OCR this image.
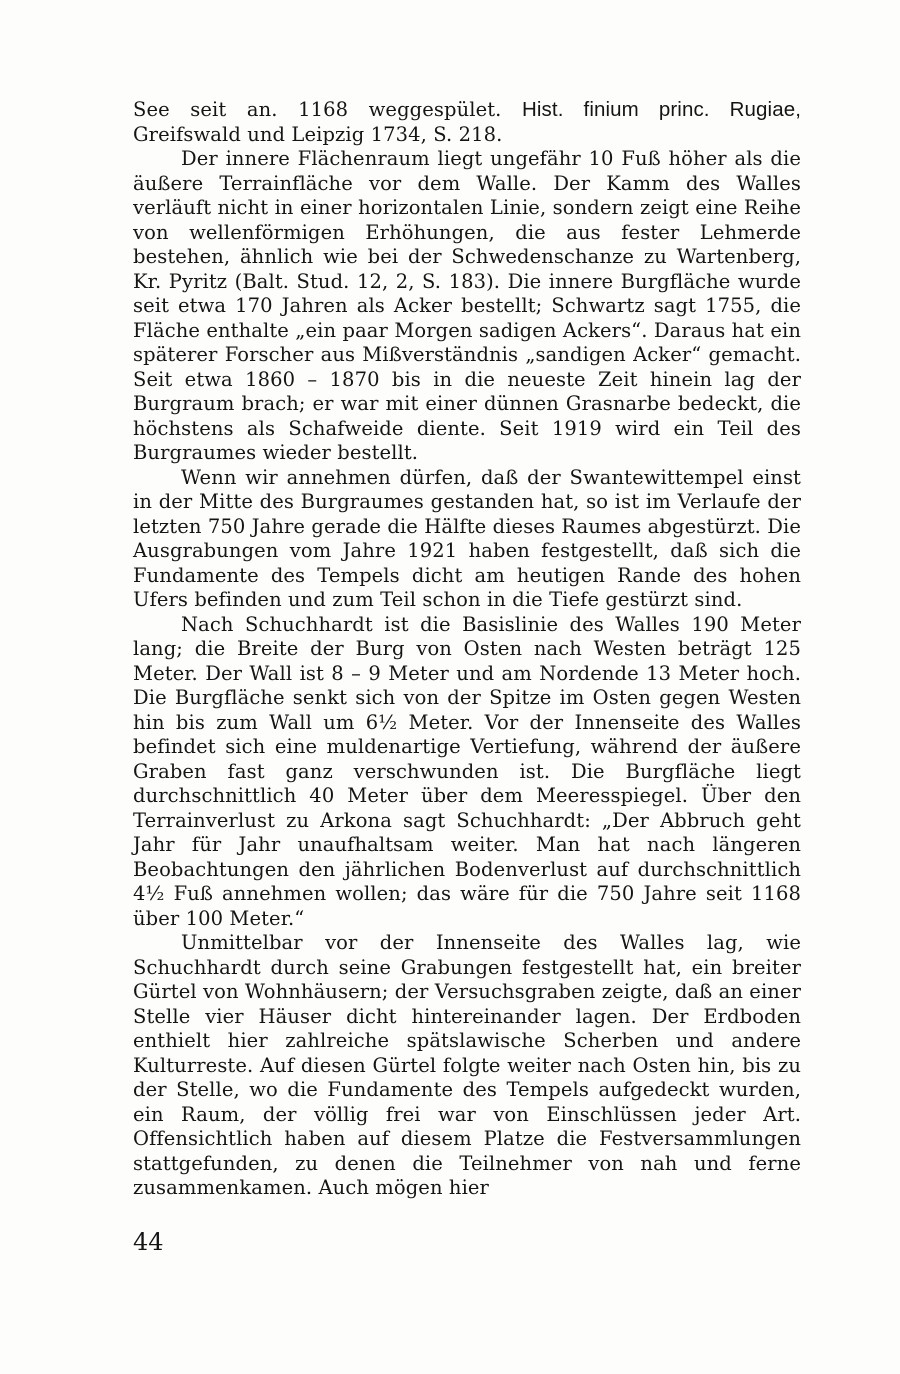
See seit an. 1168 weggespület. Hist. finium princ. Rugiae, Greifswald und Leipzig 1734, S. 218.

Der innere Flächenraum liegt ungefähr 10 Fuß höher als die äußere Terrainfläche vor dem Walle. Der Kamm des Walles verläuft nicht in einer horizontalen Linie, sondern zeigt eine Reihe von wellenförmigen Erhöhungen, die aus fester Lehmerde bestehen, ähnlich wie bei der Schwedenschanze zu Wartenberg, Kr. Pyritz (Balt. Stud. 12, 2, S. 183). Die innere Burgfläche wurde seit etwa 170 Jahren als Acker bestellt; Schwartz sagt 1755, die Fläche enthalte „ein paar Morgen sadigen Ackers“. Daraus hat ein späterer Forscher aus Mißverständnis „sandigen Acker“ gemacht. Seit etwa 1860 – 1870 bis in die neueste Zeit hinein lag der Burgraum brach; er war mit einer dünnen Grasnarbe bedeckt, die höchstens als Schafweide diente. Seit 1919 wird ein Teil des Burgraumes wieder bestellt.

Wenn wir annehmen dürfen, daß der Swantewittempel einst in der Mitte des Burgraumes gestanden hat, so ist im Verlaufe der letzten 750 Jahre gerade die Hälfte dieses Raumes abgestürzt. Die Ausgrabungen vom Jahre 1921 haben festgestellt, daß sich die Fundamente des Tempels dicht am heutigen Rande des hohen Ufers befinden und zum Teil schon in die Tiefe gestürzt sind.

Nach Schuchhardt ist die Basislinie des Walles 190 Meter lang; die Breite der Burg von Osten nach Westen beträgt 125 Meter. Der Wall ist 8 – 9 Meter und am Nordende 13 Meter hoch. Die Burgfläche senkt sich von der Spitze im Osten gegen Westen hin bis zum Wall um 6½ Meter. Vor der Innenseite des Walles befindet sich eine muldenartige Vertiefung, während der äußere Graben fast ganz verschwunden ist. Die Burgfläche liegt durchschnittlich 40 Meter über dem Meeresspiegel. Über den Terrainverlust zu Arkona sagt Schuchhardt: „Der Abbruch geht Jahr für Jahr unaufhaltsam weiter. Man hat nach längeren Beobachtungen den jährlichen Bodenverlust auf durchschnittlich 4½ Fuß annehmen wollen; das wäre für die 750 Jahre seit 1168 über 100 Meter.“

Unmittelbar vor der Innenseite des Walles lag, wie Schuchhardt durch seine Grabungen festgestellt hat, ein breiter Gürtel von Wohnhäusern; der Versuchsgraben zeigte, daß an einer Stelle vier Häuser dicht hintereinander lagen. Der Erdboden enthielt hier zahlreiche spätslawische Scherben und andere Kulturreste. Auf diesen Gürtel folgte weiter nach Osten hin, bis zu der Stelle, wo die Fundamente des Tempels aufgedeckt wurden, ein Raum, der völlig frei war von Einschlüssen jeder Art. Offensichtlich haben auf diesem Platze die Festversammlungen stattgefunden, zu denen die Teilnehmer von nah und ferne zusammenkamen. Auch mögen hier

44
